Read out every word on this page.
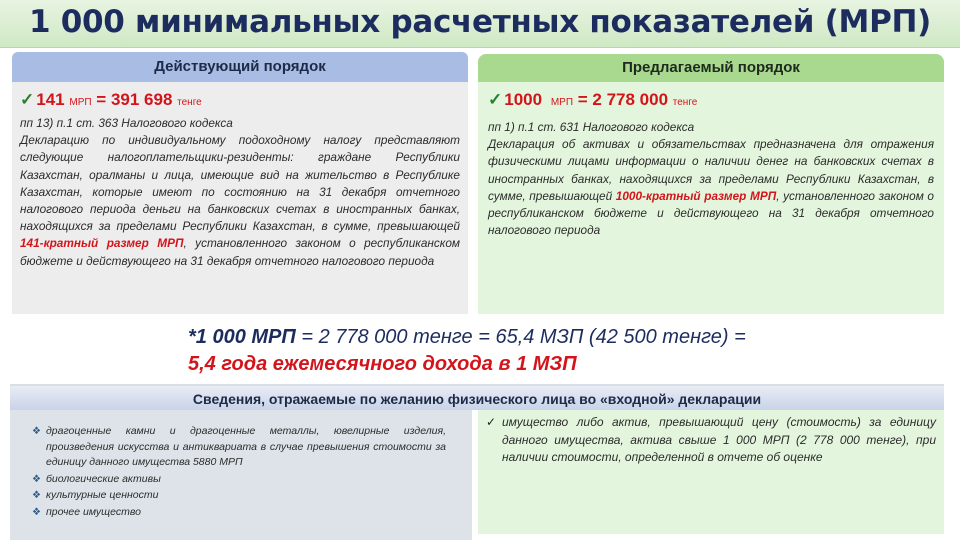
1 000 минимальных расчетных показателей (МРП)
Действующий порядок
✓ 141 МРП = 391 698 тенге
пп 13) п.1 ст. 363 Налогового кодекса
Декларацию по индивидуальному подоходному налогу представляют следующие налогоплательщики-резиденты: граждане Республики Казахстан, оралманы и лица, имеющие вид на жительство в Республике Казахстан, которые имеют по состоянию на 31 декабря отчетного налогового периода деньги на банковских счетах в иностранных банках, находящихся за пределами Республики Казахстан, в сумме, превышающей 141-кратный размер МРП, установленного законом о республиканском бюджете и действующего на 31 декабря отчетного налогового периода
Предлагаемый порядок
✓ 1000 МРП = 2 778 000 тенге
пп 1) п.1 ст. 631 Налогового кодекса
Декларация об активах и обязательствах предназначена для отражения физическими лицами информации о наличии денег на банковских счетах в иностранных банках, находящихся за пределами Республики Казахстан, в сумме, превышающей 1000-кратный размер МРП, установленного законом о республиканском бюджете и действующего на 31 декабря отчетного налогового периода
*1 000 МРП = 2 778 000 тенге = 65,4 МЗП (42 500 тенге) =
5,4 года ежемесячного дохода в 1 МЗП
Сведения, отражаемые по желанию физического лица во «входной» декларации
❖ драгоценные камни и драгоценные металлы, ювелирные изделия, произведения искусства и антиквариата в случае превышения стоимости за единицу данного имущества 5880 МРП
❖ биологические активы
❖ культурные ценности
❖ прочее имущество
✓ имущество либо актив, превышающий цену (стоимость) за единицу данного имущества, актива свыше 1 000 МРП (2 778 000 тенге), при наличии стоимости, определенной в отчете об оценке
